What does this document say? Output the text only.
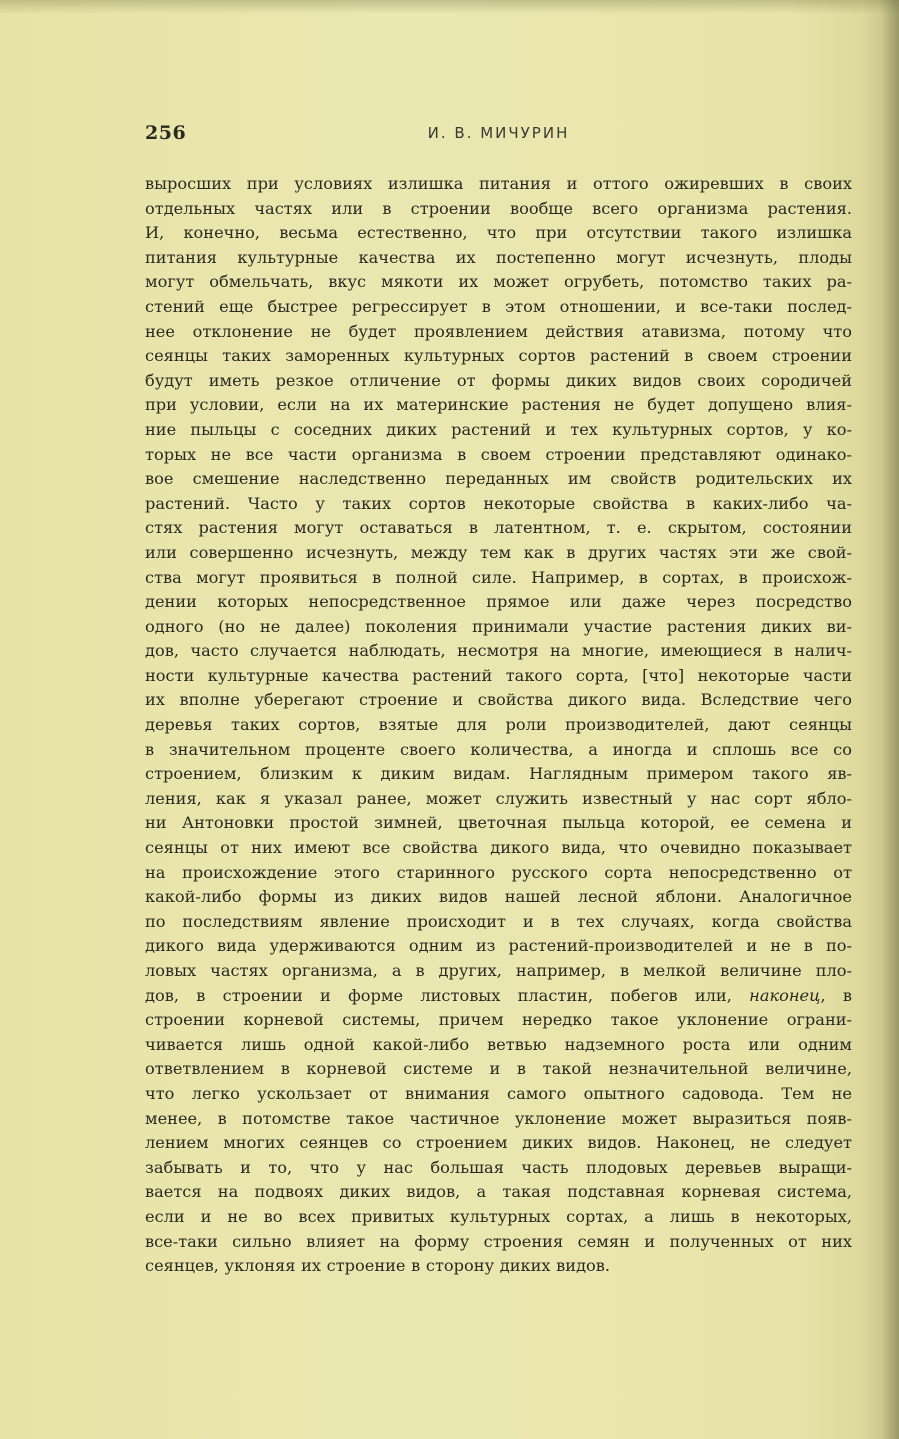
256	И. В. МИЧУРИН
выросших при условиях излишка питания и оттого ожиревших в своих
отдельных частях или в строении вообще всего организма растения.
И, конечно, весьма естественно, что при отсутствии такого излишка
питания культурные качества их постепенно могут исчезнуть, плоды
могут обмельчать, вкус мякоти их может огрубеть, потомство таких ра-
стений еще быстрее регрессирует в этом отношении, и все-таки послед-
нее отклонение не будет проявлением действия атавизма, потому что
сеянцы таких заморенных культурных сортов растений в своем строении
будут иметь резкое отличение от формы диких видов своих сородичей
при условии, если на их материнские растения не будет допущено влия-
ние пыльцы с соседних диких растений и тех культурных сортов, у ко-
торых не все части организма в своем строении представляют одинако-
вое смешение наследственно переданных им свойств родительских их
растений. Часто у таких сортов некоторые свойства в каких-либо ча-
стях растения могут оставаться в латентном, т. е. скрытом, состоянии
или совершенно исчезнуть, между тем как в других частях эти же свой-
ства могут проявиться в полной силе. Например, в сортах, в происхож-
дении которых непосредственное прямое или даже через посредство
одного (но не далее) поколения принимали участие растения диких ви-
дов, часто случается наблюдать, несмотря на многие, имеющиеся в налич-
ности культурные качества растений такого сорта, [что] некоторые части
их вполне уберегают строение и свойства дикого вида. Вследствие чего
деревья таких сортов, взятые для роли производителей, дают сеянцы
в значительном проценте своего количества, а иногда и сплошь все со
строением, близким к диким видам. Наглядным примером такого яв-
ления, как я указал ранее, может служить известный у нас сорт ябло-
ни Антоновки простой зимней, цветочная пыльца которой, ее семена и
сеянцы от них имеют все свойства дикого вида, что очевидно показывает
на происхождение этого старинного русского сорта непосредственно от
какой-либо формы из диких видов нашей лесной яблони. Аналогичное
по последствиям явление происходит и в тех случаях, когда свойства
дикого вида удерживаются одним из растений-производителей и не в по-
ловых частях организма, а в других, например, в мелкой величине пло-
дов, в строении и форме листовых пластин, побегов или, наконец, в
строении корневой системы, причем нередко такое уклонение ограни-
чивается лишь одной какой-либо ветвью надземного роста или одним
ответвлением в корневой системе и в такой незначительной величине,
что легко ускользает от внимания самого опытного садовода. Тем не
менее, в потомстве такое частичное уклонение может выразиться появ-
лением многих сеянцев со строением диких видов. Наконец, не следует
забывать и то, что у нас большая часть плодовых деревьев выращи-
вается на подвоях диких видов, а такая подставная корневая система,
если и не во всех привитых культурных сортах, а лишь в некоторых,
все-таки сильно влияет на форму строения семян и полученных от них
сеянцев, уклоняя их строение в сторону диких видов.
